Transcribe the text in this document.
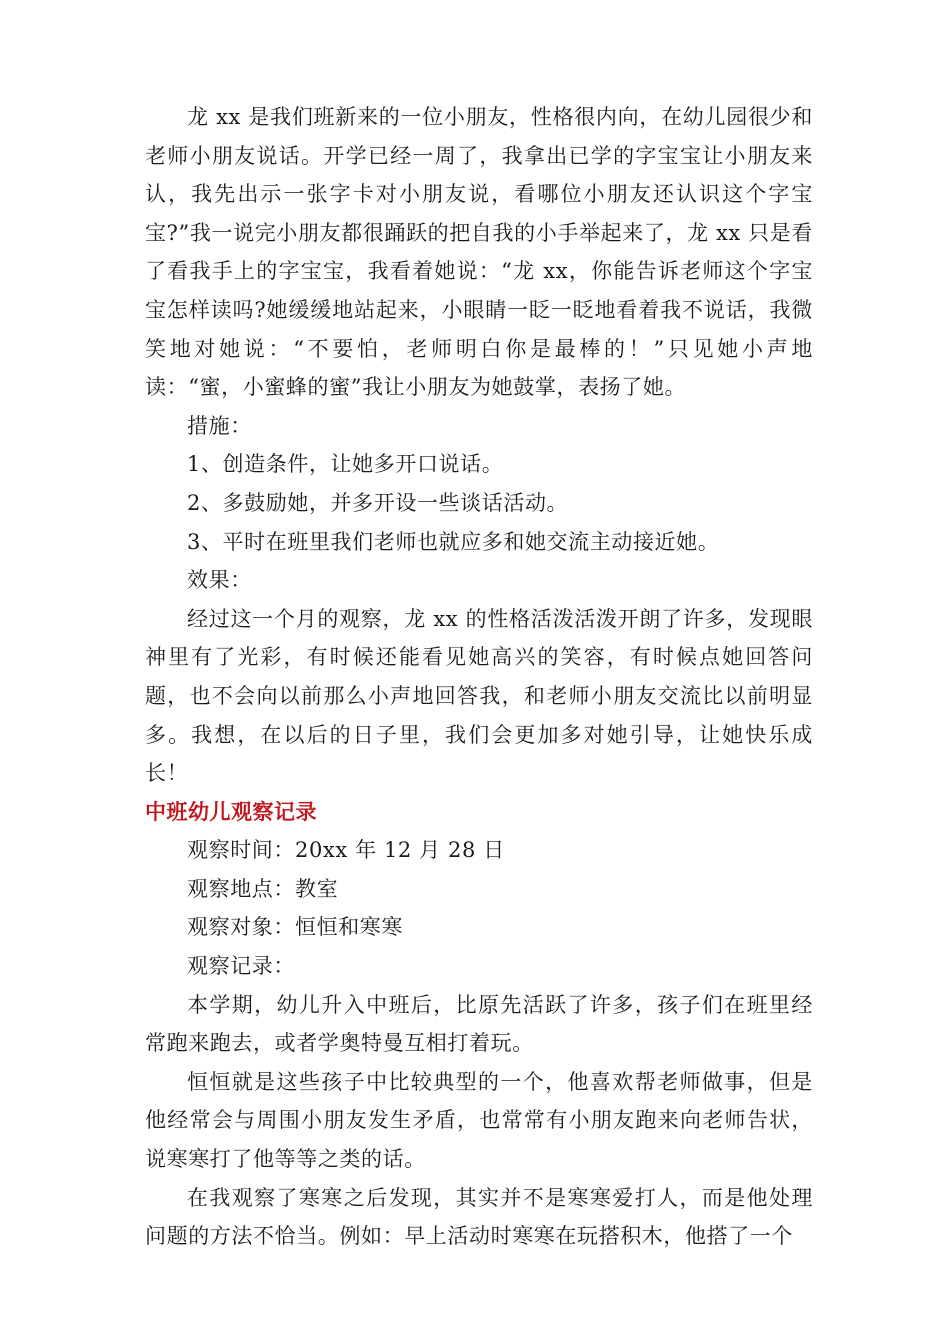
龙 xx 是我们班新来的一位小朋友，性格很内向，在幼儿园很少和老师小朋友说话。开学已经一周了，我拿出已学的字宝宝让小朋友来认，我先出示一张字卡对小朋友说，看哪位小朋友还认识这个字宝宝?”我一说完小朋友都很踊跃的把自我的小手举起来了，龙 xx 只是看了看我手上的字宝宝，我看着她说：“龙 xx，你能告诉老师这个字宝宝怎样读吗?她缓缓地站起来，小眼睛一眨一眨地看着我不说话，我微笑地对她说：“不要怕，老师明白你是最棒的！”只见她小声地读：“蜜，小蜜蜂的蜜”我让小朋友为她鼓掌，表扬了她。

措施：

1、创造条件，让她多开口说话。

2、多鼓励她，并多开设一些谈话活动。

3、平时在班里我们老师也就应多和她交流主动接近她。

效果：

经过这一个月的观察，龙 xx 的性格活泼活泼开朗了许多，发现眼神里有了光彩，有时候还能看见她高兴的笑容，有时候点她回答问题，也不会向以前那么小声地回答我，和老师小朋友交流比以前明显多。我想，在以后的日子里，我们会更加多对她引导，让她快乐成长！

中班幼儿观察记录

观察时间：20xx 年 12 月 28 日

观察地点：教室

观察对象：恒恒和寒寒

观察记录：

本学期，幼儿升入中班后，比原先活跃了许多，孩子们在班里经常跑来跑去，或者学奥特曼互相打着玩。

恒恒就是这些孩子中比较典型的一个，他喜欢帮老师做事，但是他经常会与周围小朋友发生矛盾，也常常有小朋友跑来向老师告状，说寒寒打了他等等之类的话。

在我观察了寒寒之后发现，其实并不是寒寒爱打人，而是他处理问题的方法不恰当。例如：早上活动时寒寒在玩搭积木，他搭了一个
